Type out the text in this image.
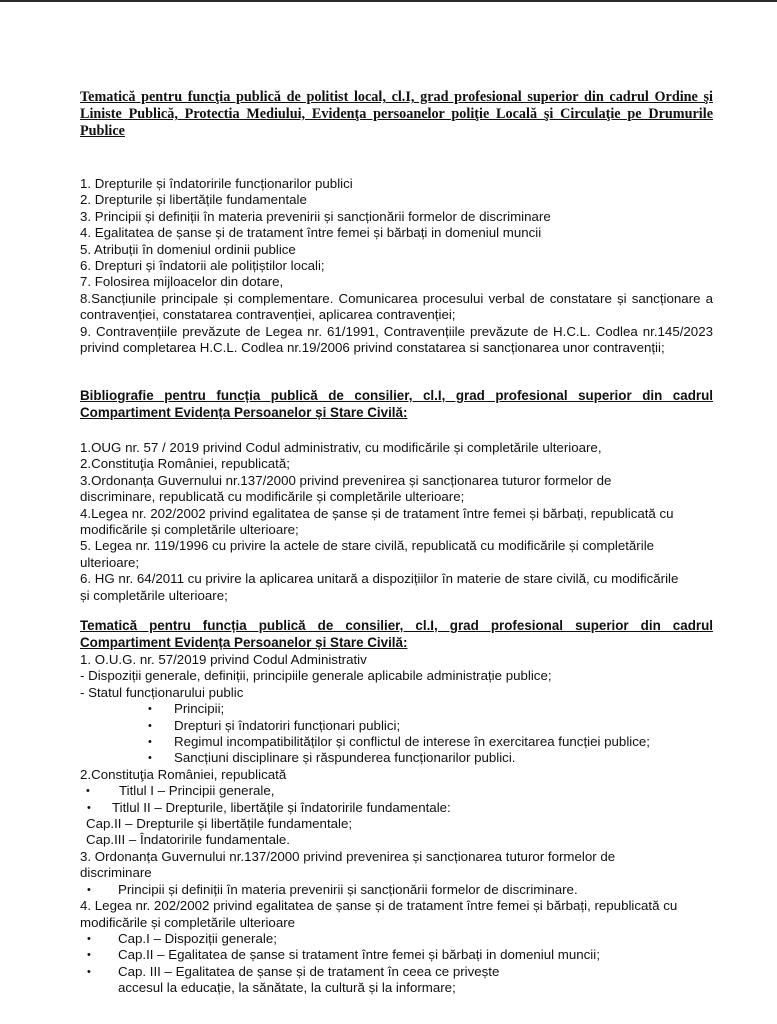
Tematică pentru funcţia publică de politist local, cl.I, grad profesional superior din cadrul Ordine şi Liniste Publică, Protectia Mediului, Evidenţa persoanelor poliţie Locală şi Circulaţie pe Drumurile Publice

1. Drepturile și îndatoririle funcționarilor publici

2. Drepturile și libertățile fundamentale

3. Principii și definiții în materia prevenirii și sancționării formelor de discriminare

4. Egalitatea de șanse și de tratament între femei și bărbați in domeniul muncii

5. Atribuții în domeniul ordinii publice

6. Drepturi și îndatorii ale polițiștilor locali;

7. Folosirea mijloacelor din dotare,

8.Sancțiunile principale și complementare. Comunicarea procesului verbal de constatare și sancționare a contravenției, constatarea contravenției, aplicarea contravenției;

9. Contravențiile prevăzute de Legea nr. 61/1991, Contravențiile prevăzute de H.C.L. Codlea nr.145/2023 privind completarea H.C.L. Codlea nr.19/2006 privind constatarea si sancționarea unor contravenții;

Bibliografie pentru funcția publică de consilier, cl.I, grad profesional superior din cadrul Compartiment Evidența Persoanelor și Stare Civilă:

1.OUG nr. 57 / 2019 privind Codul administrativ, cu modificările și completările ulterioare,

2.Constituţia României, republicată;

3.Ordonanța Guvernului nr.137/2000 privind prevenirea și sancționarea tuturor formelor de discriminare, republicată cu modificările și completările ulterioare;

4.Legea nr. 202/2002 privind egalitatea de șanse și de tratament între femei și bărbați, republicată cu modificările și completările ulterioare;

5. Legea nr. 119/1996 cu privire la actele de stare civilă, republicată cu modificările și completările ulterioare;

6. HG nr. 64/2011 cu privire la aplicarea unitară a dispozițiilor în materie de stare civilă, cu modificările și completările ulterioare;

Tematică pentru funcția publică de consilier, cl.I, grad profesional superior din cadrul Compartiment Evidența Persoanelor și Stare Civilă:

1. O.U.G. nr. 57/2019 privind Codul Administrativ

- Dispoziții generale, definiții, principiile generale aplicabile administrație publice;

- Statul funcționarului public

• Principii;

• Drepturi și îndatoriri funcționari publici;

• Regimul incompatibilităților și conflictul de interese în exercitarea funcției publice;

• Sancțiuni disciplinare și răspunderea funcționarilor publici.

2.Constituţia României, republicată

• Titlul I – Principii generale,

• Titlul II – Drepturile, libertățile și îndatoririle fundamentale:

Cap.II – Drepturile și libertățile fundamentale;

Cap.III – Îndatoririle fundamentale.

3. Ordonanța Guvernului nr.137/2000 privind prevenirea și sancționarea tuturor formelor de discriminare

• Principii și definiții în materia prevenirii și sancționării formelor de discriminare.

4. Legea nr. 202/2002 privind egalitatea de șanse și de tratament între femei și bărbați, republicată cu modificările și completările ulterioare

• Cap.I – Dispoziții generale;

• Cap.II – Egalitatea de șanse si tratament între femei și bărbați in domeniul muncii;

• Cap. III – Egalitatea de șanse și de tratament în ceea ce privește accesul la educație, la sănătate, la cultură și la informare;
